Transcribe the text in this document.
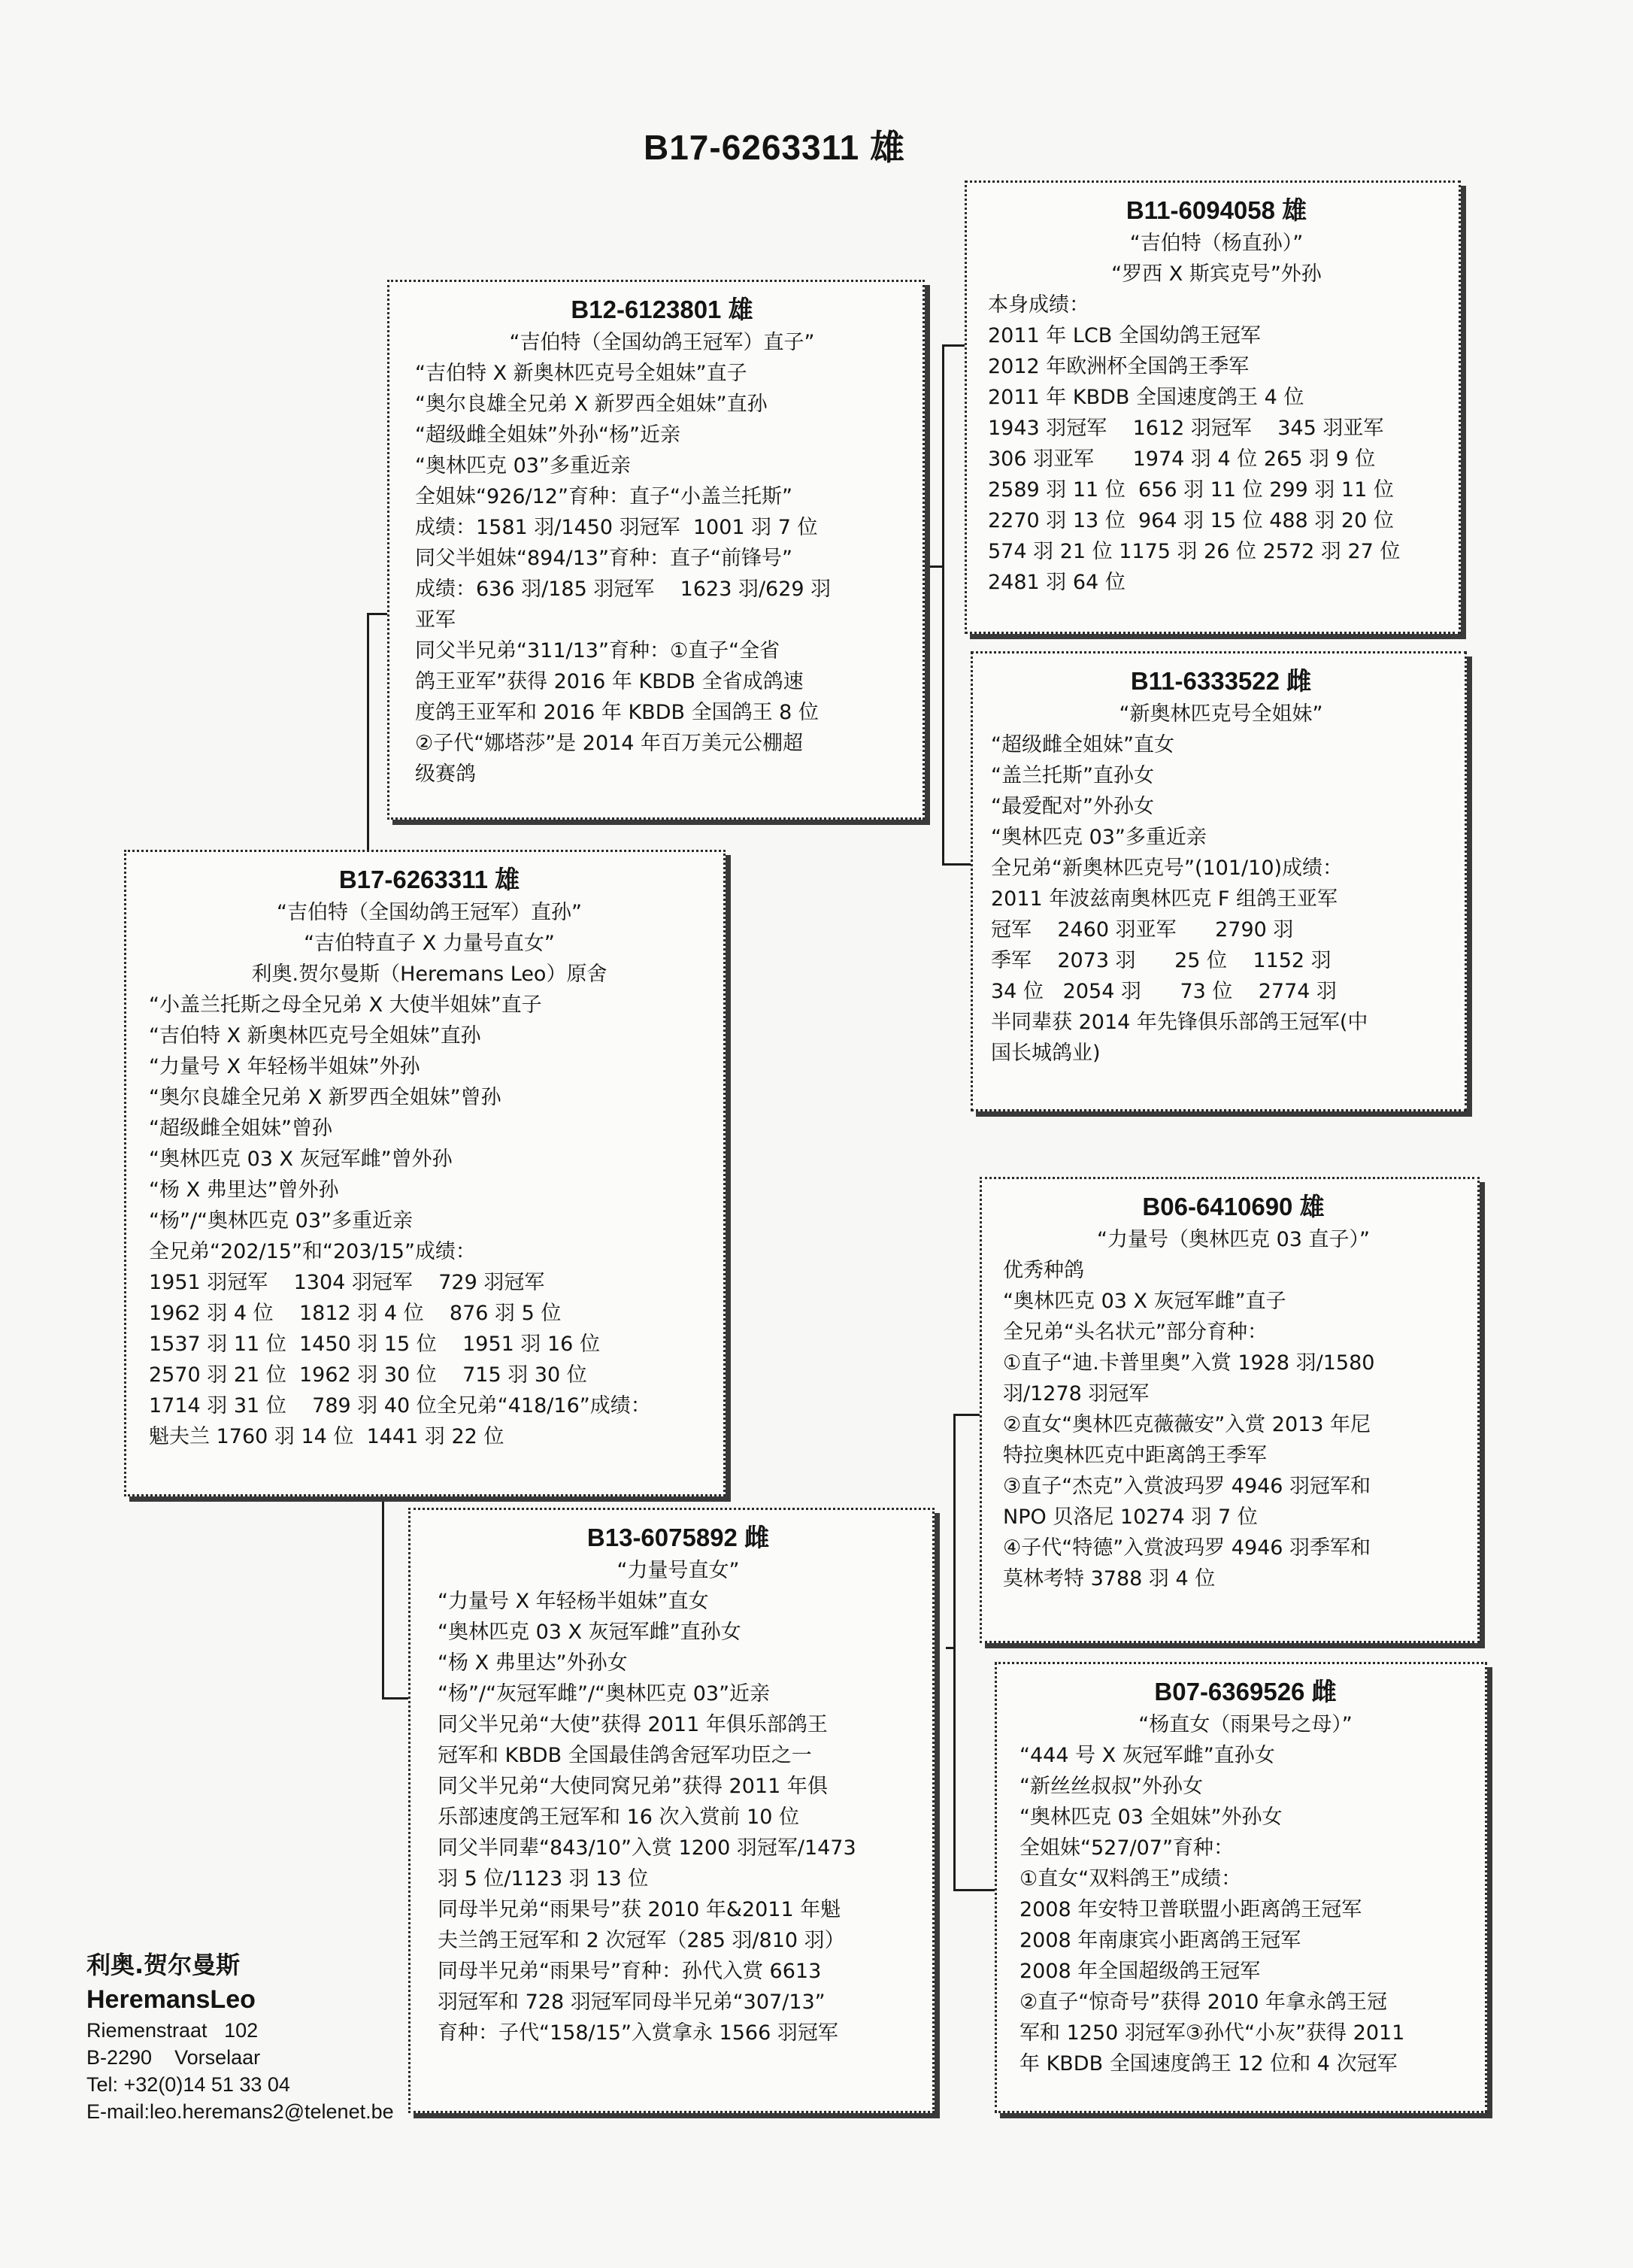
B17-6263311 雄
B12-6123801 雄
“吉伯特（全国幼鸽王冠军）直子”
“吉伯特 X 新奥林匹克号全姐妹”直子
“奥尔良雄全兄弟 X 新罗西全姐妹”直孙
“超级雌全姐妹”外孙“杨”近亲
“奥林匹克 03”多重近亲
全姐妹“926/12”育种：直子“小盖兰托斯”
成绩：1581 羽/1450 羽冠军  1001 羽 7 位
同父半姐妹“894/13”育种：直子“前锋号”
成绩：636 羽/185 羽冠军    1623 羽/629 羽
亚军
同父半兄弟“311/13”育种：①直子“全省
鸽王亚军”获得 2016 年 KBDB 全省成鸽速
度鸽王亚军和 2016 年 KBDB 全国鸽王 8 位
②子代“娜塔莎”是 2014 年百万美元公棚超
级赛鸽
B11-6094058 雄
“吉伯特（杨直孙）”
“罗西 X 斯宾克号”外孙
本身成绩：
2011 年 LCB 全国幼鸽王冠军
2012 年欧洲杯全国鸽王季军
2011 年 KBDB 全国速度鸽王 4 位
1943 羽冠军    1612 羽冠军    345 羽亚军
306 羽亚军      1974 羽 4 位 265 羽 9 位
2589 羽 11 位  656 羽 11 位 299 羽 11 位
2270 羽 13 位  964 羽 15 位 488 羽 20 位
574 羽 21 位 1175 羽 26 位 2572 羽 27 位
2481 羽 64 位
B11-6333522 雌
“新奥林匹克号全姐妹”
“超级雌全姐妹”直女
“盖兰托斯”直孙女
“最爱配对”外孙女
“奥林匹克 03”多重近亲
全兄弟“新奥林匹克号”(101/10)成绩：
2011 年波兹南奥林匹克 F 组鸽王亚军
冠军    2460 羽亚军      2790 羽
季军    2073 羽      25 位    1152 羽
34 位   2054 羽      73 位    2774 羽
半同辈获 2014 年先锋俱乐部鸽王冠军(中
国长城鸽业)
B17-6263311 雄
“吉伯特（全国幼鸽王冠军）直孙”
“吉伯特直子 X 力量号直女”
利奥.贺尔曼斯（Heremans Leo）原舍
“小盖兰托斯之母全兄弟 X 大使半姐妹”直子
“吉伯特 X 新奥林匹克号全姐妹”直孙
“力量号 X 年轻杨半姐妹”外孙
“奥尔良雄全兄弟 X 新罗西全姐妹”曾孙
“超级雌全姐妹”曾孙
“奥林匹克 03 X 灰冠军雌”曾外孙
“杨 X 弗里达”曾外孙
“杨”/“奥林匹克 03”多重近亲
全兄弟“202/15”和“203/15”成绩：
1951 羽冠军    1304 羽冠军    729 羽冠军
1962 羽 4 位    1812 羽 4 位    876 羽 5 位
1537 羽 11 位  1450 羽 15 位    1951 羽 16 位
2570 羽 21 位  1962 羽 30 位    715 羽 30 位
1714 羽 31 位    789 羽 40 位全兄弟“418/16”成绩：
魁夫兰 1760 羽 14 位  1441 羽 22 位
B13-6075892 雌
“力量号直女”
“力量号 X 年轻杨半姐妹”直女
“奥林匹克 03 X 灰冠军雌”直孙女
“杨 X 弗里达”外孙女
“杨”/“灰冠军雌”/“奥林匹克 03”近亲
同父半兄弟“大使”获得 2011 年俱乐部鸽王
冠军和 KBDB 全国最佳鸽舍冠军功臣之一
同父半兄弟“大使同窝兄弟”获得 2011 年俱
乐部速度鸽王冠军和 16 次入赏前 10 位
同父半同辈“843/10”入赏 1200 羽冠军/1473
羽 5 位/1123 羽 13 位
同母半兄弟“雨果号”获 2010 年&2011 年魁
夫兰鸽王冠军和 2 次冠军（285 羽/810 羽）
同母半兄弟“雨果号”育种：孙代入赏 6613
羽冠军和 728 羽冠军同母半兄弟“307/13”
育种：子代“158/15”入赏拿永 1566 羽冠军
B06-6410690 雄
“力量号（奥林匹克 03 直子）”
优秀种鸽
“奥林匹克 03 X 灰冠军雌”直子
全兄弟“头名状元”部分育种：
①直子“迪.卡普里奥”入赏 1928 羽/1580
羽/1278 羽冠军
②直女“奥林匹克薇薇安”入赏 2013 年尼
特拉奥林匹克中距离鸽王季军
③直子“杰克”入赏波玛罗 4946 羽冠军和
NPO 贝洛尼 10274 羽 7 位
④子代“特德”入赏波玛罗 4946 羽季军和
莫林考特 3788 羽 4 位
B07-6369526 雌
“杨直女（雨果号之母）”
“444 号 X 灰冠军雌”直孙女
“新丝丝叔叔”外孙女
“奥林匹克 03 全姐妹”外孙女
全姐妹“527/07”育种：
①直女“双料鸽王”成绩：
2008 年安特卫普联盟小距离鸽王冠军
2008 年南康宾小距离鸽王冠军
2008 年全国超级鸽王冠军
②直子“惊奇号”获得 2010 年拿永鸽王冠
军和 1250 羽冠军③孙代“小灰”获得 2011
年 KBDB 全国速度鸽王 12 位和 4 次冠军
利奥.贺尔曼斯
HeremansLeo
Riemenstraat   102
B-2290    Vorselaar
Tel: +32(0)14 51 33 04
E-mail:leo.heremans2@telenet.be
